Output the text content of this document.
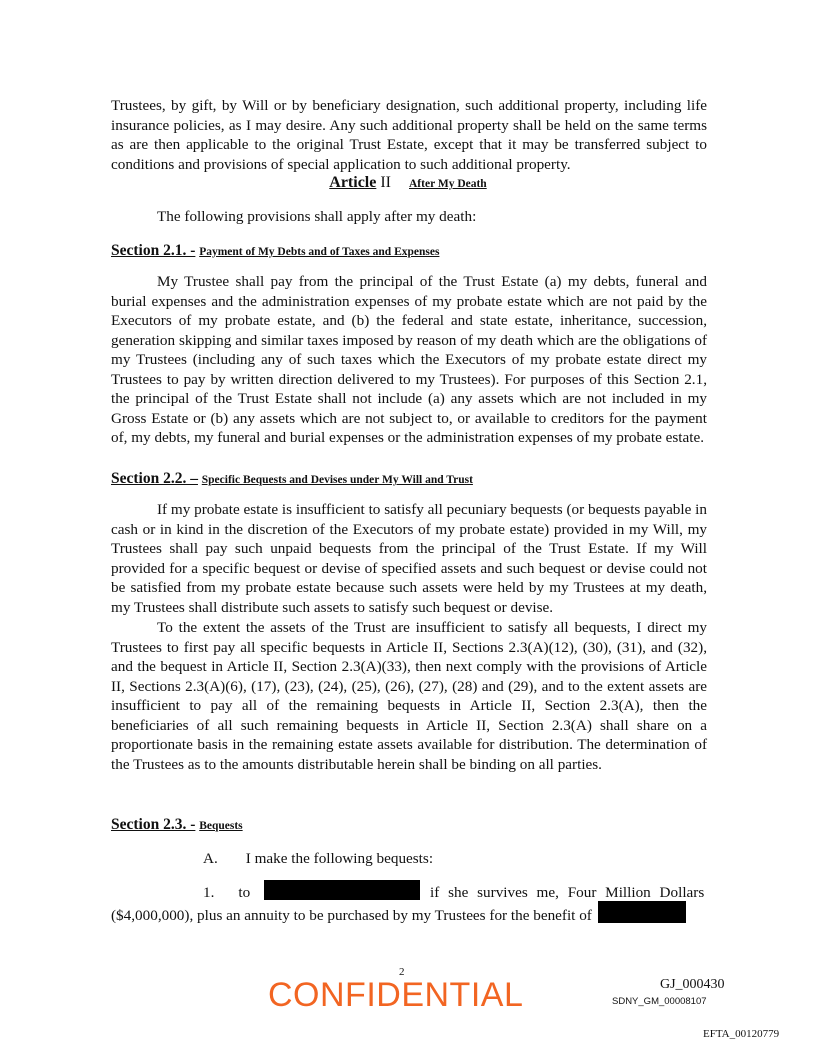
Trustees, by gift, by Will or by beneficiary designation, such additional property, including life insurance policies, as I may desire. Any such additional property shall be held on the same terms as are then applicable to the original Trust Estate, except that it may be transferred subject to conditions and provisions of special application to such additional property.

Article II After My Death

The following provisions shall apply after my death:

Section 2.1. - Payment of My Debts and of Taxes and Expenses

My Trustee shall pay from the principal of the Trust Estate (a) my debts, funeral and burial expenses and the administration expenses of my probate estate which are not paid by the Executors of my probate estate, and (b) the federal and state estate, inheritance, succession, generation skipping and similar taxes imposed by reason of my death which are the obligations of my Trustees (including any of such taxes which the Executors of my probate estate direct my Trustees to pay by written direction delivered to my Trustees). For purposes of this Section 2.1, the principal of the Trust Estate shall not include (a) any assets which are not included in my Gross Estate or (b) any assets which are not subject to, or available to creditors for the payment of, my debts, my funeral and burial expenses or the administration expenses of my probate estate.

Section 2.2. – Specific Bequests and Devises under My Will and Trust

If my probate estate is insufficient to satisfy all pecuniary bequests (or bequests payable in cash or in kind in the discretion of the Executors of my probate estate) provided in my Will, my Trustees shall pay such unpaid bequests from the principal of the Trust Estate. If my Will provided for a specific bequest or devise of specified assets and such bequest or devise could not be satisfied from my probate estate because such assets were held by my Trustees at my death, my Trustees shall distribute such assets to satisfy such bequest or devise.

To the extent the assets of the Trust are insufficient to satisfy all bequests, I direct my Trustees to first pay all specific bequests in Article II, Sections 2.3(A)(12), (30), (31), and (32), and the bequest in Article II, Section 2.3(A)(33), then next comply with the provisions of Article II, Sections 2.3(A)(6), (17), (23), (24), (25), (26), (27), (28) and (29), and to the extent assets are insufficient to pay all of the remaining bequests in Article II, Section 2.3(A), then the beneficiaries of all such remaining bequests in Article II, Section 2.3(A) shall share on a proportionate basis in the remaining estate assets available for distribution. The determination of the Trustees as to the amounts distributable herein shall be binding on all parties.

Section 2.3. - Bequests

A. I make the following bequests:

1. to	if she survives me, Four Million Dollars

($4,000,000), plus an annuity to be purchased by my Trustees for the benefit of

2
CONFIDENTIAL	GJ_000430
SDNY_GM_00008107
EFTA_00120779
